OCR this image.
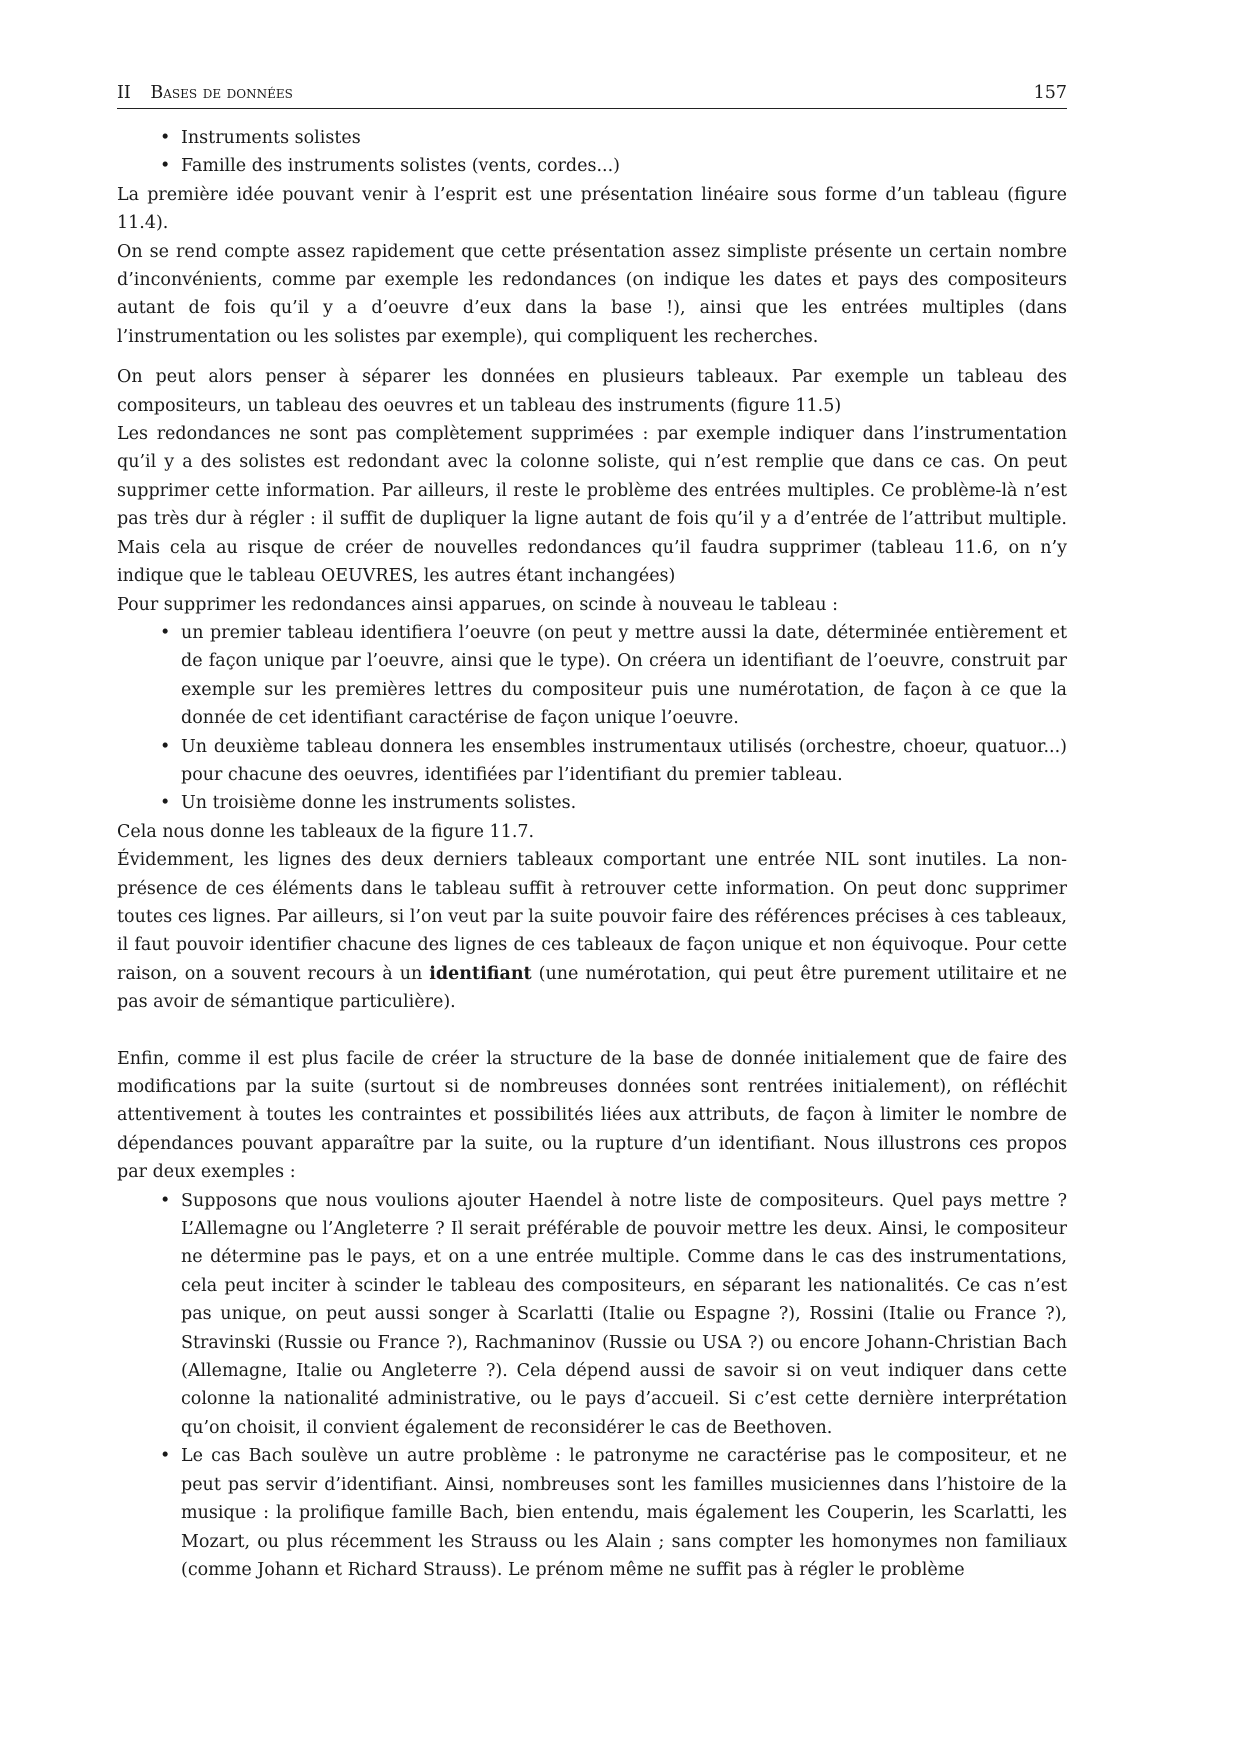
II Bases de données	157
• Instruments solistes
• Famille des instruments solistes (vents, cordes...)

La première idée pouvant venir à l’esprit est une présentation linéaire sous forme d’un tableau (figure 11.4).

On se rend compte assez rapidement que cette présentation assez simpliste présente un certain nombre d’inconvénients, comme par exemple les redondances (on indique les dates et pays des compositeurs autant de fois qu’il y a d’oeuvre d’eux dans la base !), ainsi que les entrées multiples (dans l’instrumentation ou les solistes par exemple), qui compliquent les recherches.

On peut alors penser à séparer les données en plusieurs tableaux. Par exemple un tableau des compositeurs, un tableau des oeuvres et un tableau des instruments (figure 11.5)

Les redondances ne sont pas complètement supprimées : par exemple indiquer dans l’instrumentation qu’il y a des solistes est redondant avec la colonne soliste, qui n’est remplie que dans ce cas. On peut supprimer cette information. Par ailleurs, il reste le problème des entrées multiples. Ce problème-là n’est pas très dur à régler : il suffit de dupliquer la ligne autant de fois qu’il y a d’entrée de l’attribut multiple. Mais cela au risque de créer de nouvelles redondances qu’il faudra supprimer (tableau 11.6, on n’y indique que le tableau OEUVRES, les autres étant inchangées)

Pour supprimer les redondances ainsi apparues, on scinde à nouveau le tableau :

• un premier tableau identifiera l’oeuvre (on peut y mettre aussi la date, déterminée entièrement et de façon unique par l’oeuvre, ainsi que le type). On créera un identifiant de l’oeuvre, construit par exemple sur les premières lettres du compositeur puis une numérotation, de façon à ce que la donnée de cet identifiant caractérise de façon unique l’oeuvre.
• Un deuxième tableau donnera les ensembles instrumentaux utilisés (orchestre, choeur, quatuor...) pour chacune des oeuvres, identifiées par l’identifiant du premier tableau.
• Un troisième donne les instruments solistes.

Cela nous donne les tableaux de la figure 11.7.

Évidemment, les lignes des deux derniers tableaux comportant une entrée NIL sont inutiles. La non-présence de ces éléments dans le tableau suffit à retrouver cette information. On peut donc supprimer toutes ces lignes. Par ailleurs, si l’on veut par la suite pouvoir faire des références précises à ces tableaux, il faut pouvoir identifier chacune des lignes de ces tableaux de façon unique et non équivoque. Pour cette raison, on a souvent recours à un identifiant (une numérotation, qui peut être purement utilitaire et ne pas avoir de sémantique particulière).

Enfin, comme il est plus facile de créer la structure de la base de donnée initialement que de faire des modifications par la suite (surtout si de nombreuses données sont rentrées initialement), on réfléchit attentivement à toutes les contraintes et possibilités liées aux attributs, de façon à limiter le nombre de dépendances pouvant apparaître par la suite, ou la rupture d’un identifiant. Nous illustrons ces propos par deux exemples :

• Supposons que nous voulions ajouter Haendel à notre liste de compositeurs. Quel pays mettre ? L’Allemagne ou l’Angleterre ? Il serait préférable de pouvoir mettre les deux. Ainsi, le compositeur ne détermine pas le pays, et on a une entrée multiple. Comme dans le cas des instrumentations, cela peut inciter à scinder le tableau des compositeurs, en séparant les nationalités. Ce cas n’est pas unique, on peut aussi songer à Scarlatti (Italie ou Espagne ?), Rossini (Italie ou France ?), Stravinski (Russie ou France ?), Rachmaninov (Russie ou USA ?) ou encore Johann-Christian Bach (Allemagne, Italie ou Angleterre ?). Cela dépend aussi de savoir si on veut indiquer dans cette colonne la nationalité administrative, ou le pays d’accueil. Si c’est cette dernière interprétation qu’on choisit, il convient également de reconsidérer le cas de Beethoven.
• Le cas Bach soulève un autre problème : le patronyme ne caractérise pas le compositeur, et ne peut pas servir d’identifiant. Ainsi, nombreuses sont les familles musiciennes dans l’histoire de la musique : la prolifique famille Bach, bien entendu, mais également les Couperin, les Scarlatti, les Mozart, ou plus récemment les Strauss ou les Alain ; sans compter les homonymes non familiaux (comme Johann et Richard Strauss). Le prénom même ne suffit pas à régler le problème
